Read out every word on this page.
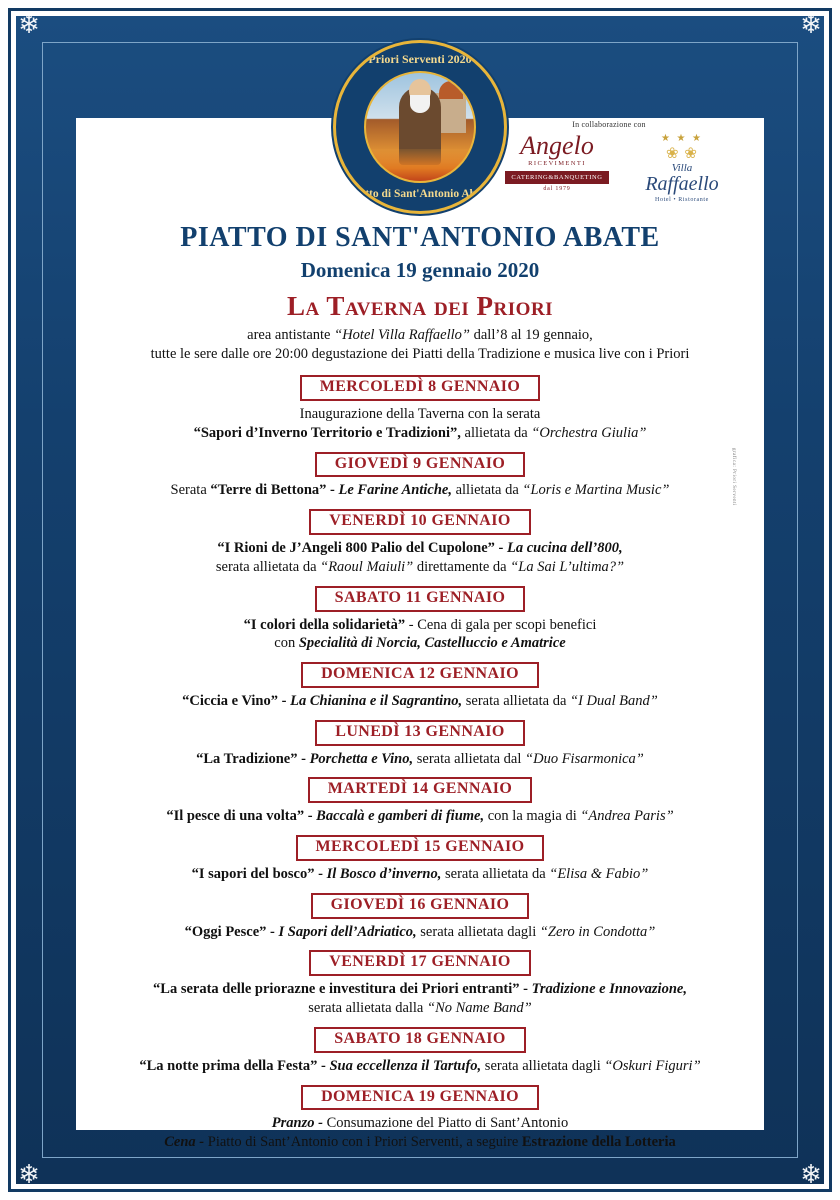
❄	❄
❄	❄
In collaborazione con
Angelo
RICEVIMENTI
CATERING&BANQUETING
dal 1979
★ ★ ★
❀ ❀
Villa
Raffaello
Hotel • Ristorante
grafica: Priori Serventi
PIATTO DI SANT'ANTONIO ABATE
Domenica 19 gennaio 2020
La Taverna dei Priori
area antistante “Hotel Villa Raffaello” dall’8 al 19 gennaio,
tutte le sere dalle ore 20:00 degustazione dei Piatti della Tradizione e musica live con i Priori
MERCOLEDÌ 8 GENNAIO
Inaugurazione della Taverna con la serata
“Sapori d’Inverno Territorio e Tradizioni”, allietata da “Orchestra Giulia”
GIOVEDÌ 9 GENNAIO
Serata “Terre di Bettona” - Le Farine Antiche, allietata da “Loris e Martina Music”
VENERDÌ 10 GENNAIO
“I Rioni de J’Angeli 800 Palio del Cupolone” - La cucina dell’800,
serata allietata da “Raoul Maiuli” direttamente da “La Sai L’ultima?”
SABATO 11 GENNAIO
“I colori della solidarietà” - Cena di gala per scopi benefici
con Specialità di Norcia, Castelluccio e Amatrice
DOMENICA 12 GENNAIO
“Ciccia e Vino” - La Chianina e il Sagrantino, serata allietata da “I Dual Band”
LUNEDÌ 13 GENNAIO
“La Tradizione” - Porchetta e Vino, serata allietata dal “Duo Fisarmonica”
MARTEDÌ 14 GENNAIO
“Il pesce di una volta” - Baccalà e gamberi di fiume, con la magia di “Andrea Paris”
MERCOLEDÌ 15 GENNAIO
“I sapori del bosco” - Il Bosco d’inverno, serata allietata da “Elisa & Fabio”
GIOVEDÌ 16 GENNAIO
“Oggi Pesce” - I Sapori dell’Adriatico, serata allietata dagli “Zero in Condotta”
VENERDÌ 17 GENNAIO
“La serata delle priorazne e investitura dei Priori entranti” - Tradizione e Innovazione,
serata allietata dalla “No Name Band”
SABATO 18 GENNAIO
“La notte prima della Festa” - Sua eccellenza il Tartufo, serata allietata dagli “Oskuri Figuri”
DOMENICA 19 GENNAIO
Pranzo - Consumazione del Piatto di Sant’Antonio
Cena - Piatto di Sant’Antonio con i Priori Serventi, a seguire Estrazione della Lotteria
Priori Serventi 2020
Piatto di Sant'Antonio Abate
